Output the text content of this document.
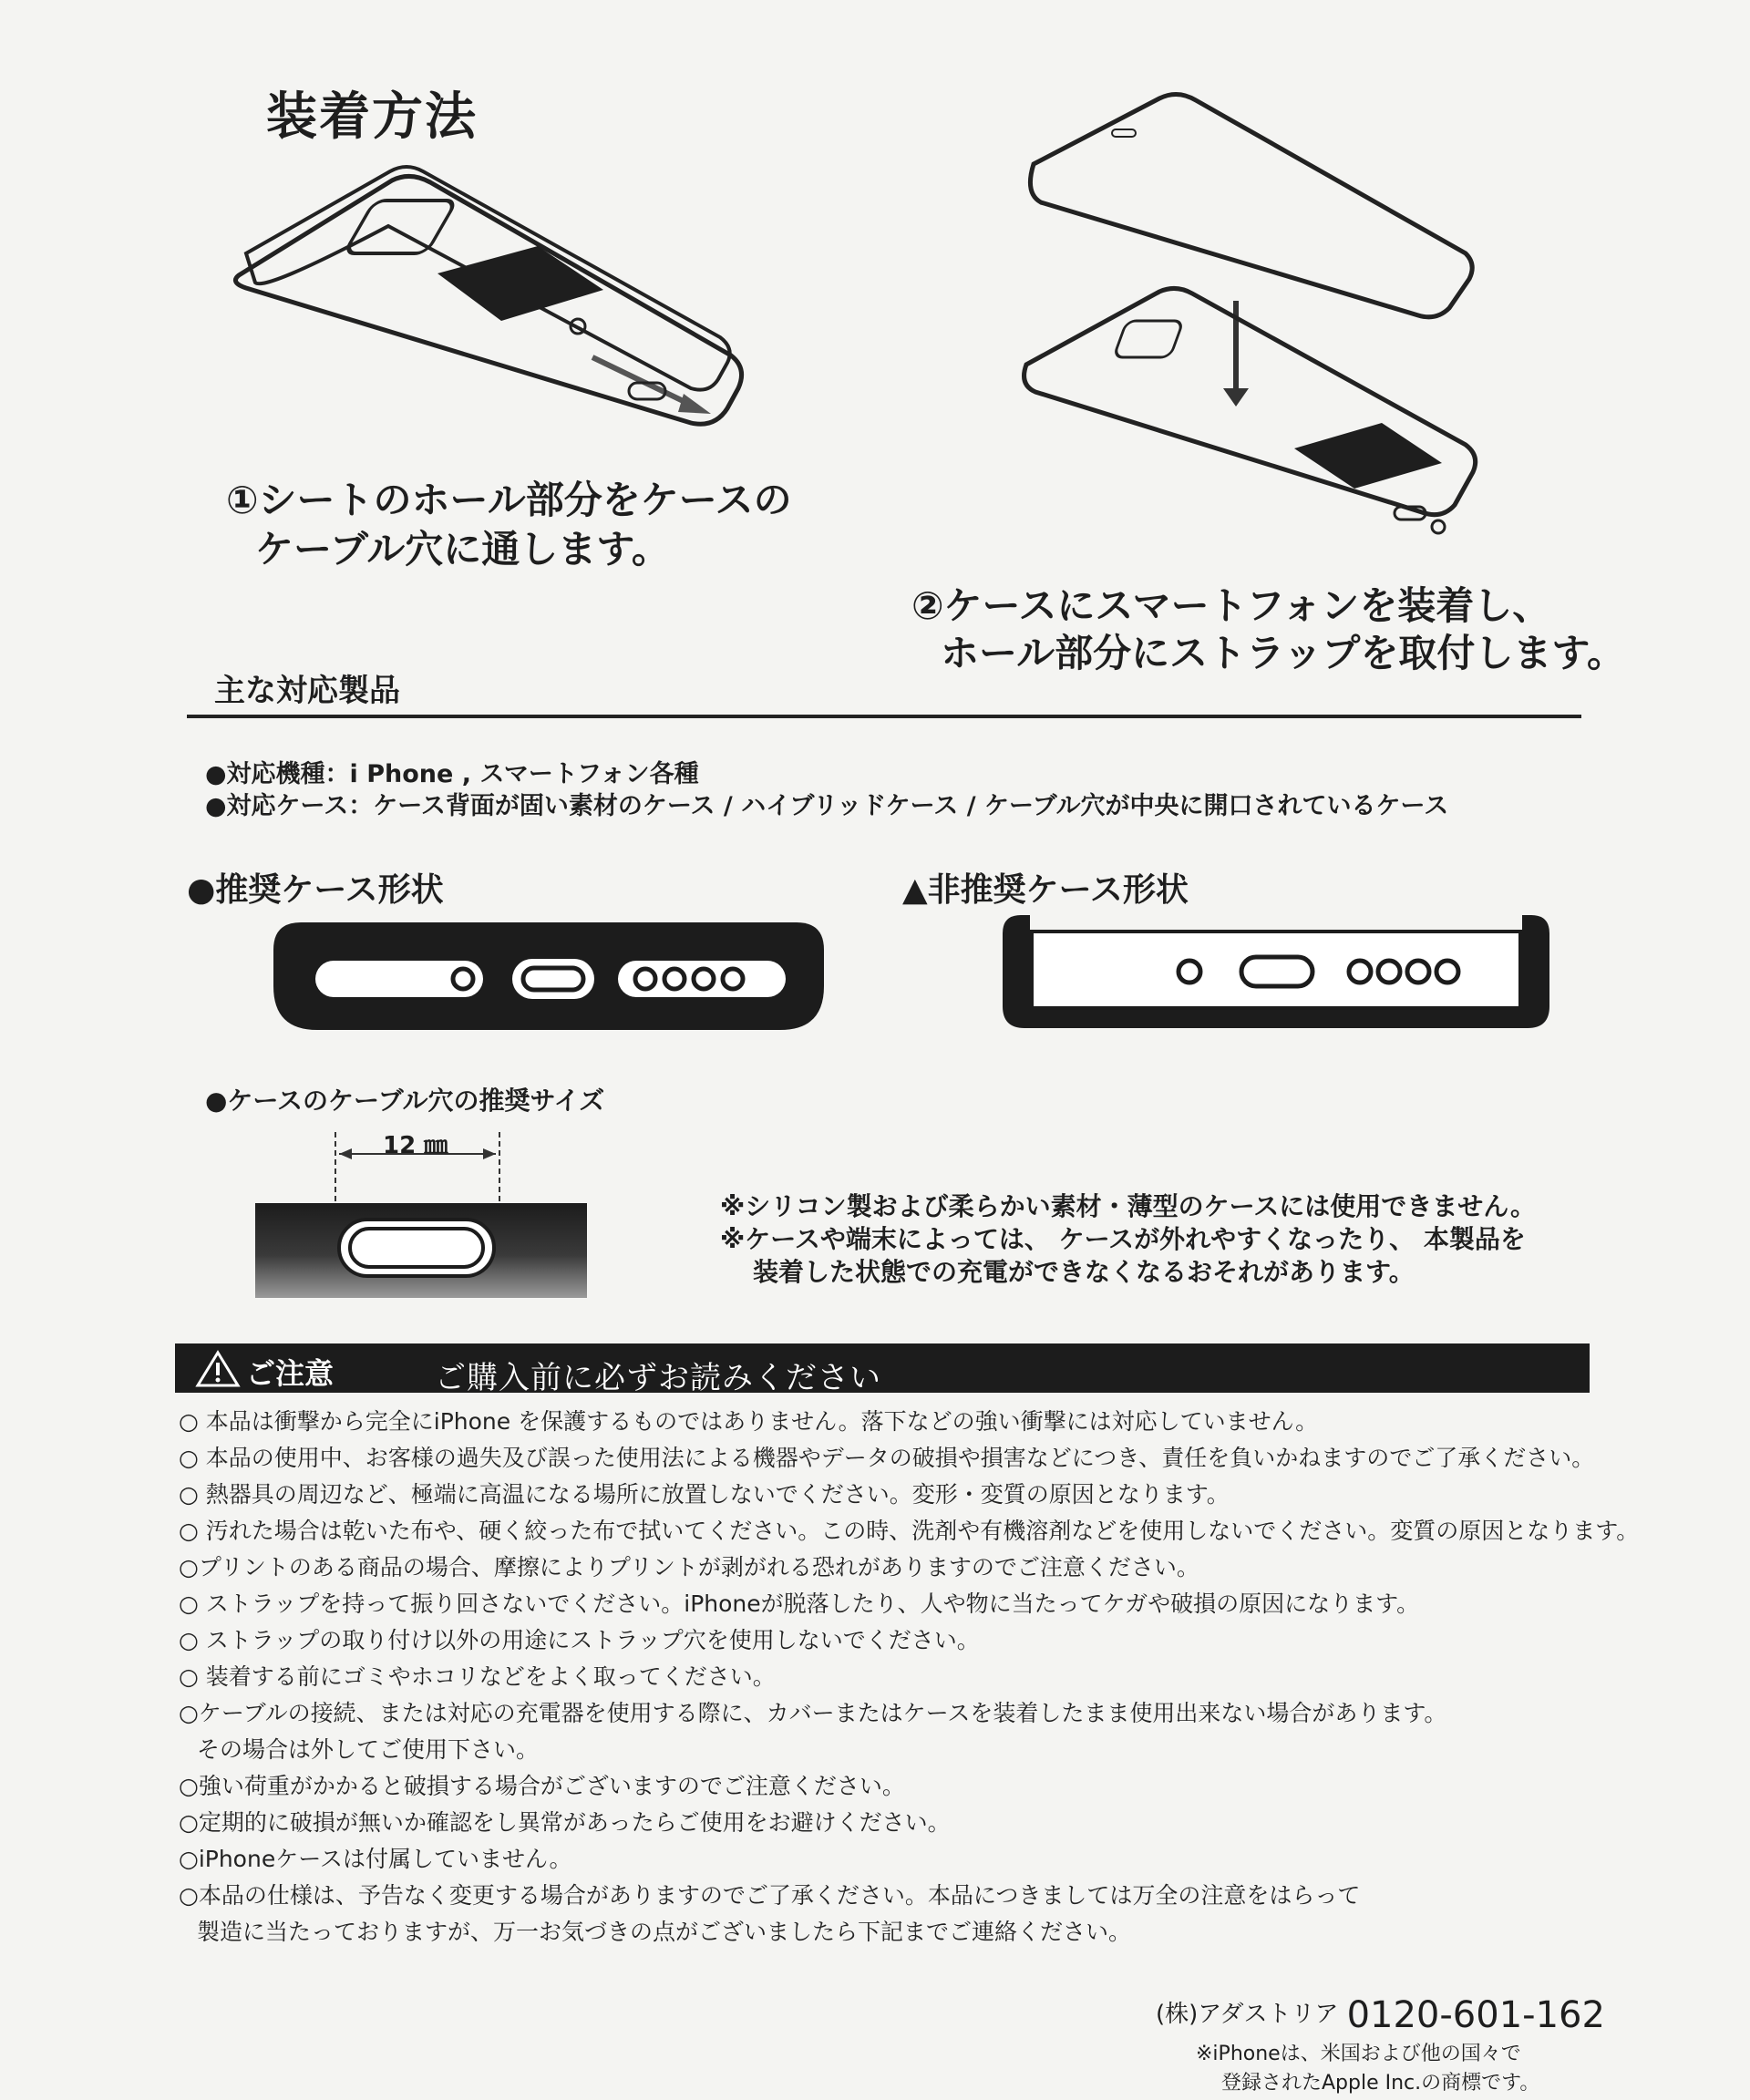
装着方法
①シートのホール部分をケースの
ケーブル穴に通します。
②ケースにスマートフォンを装着し、
ホール部分にストラップを取付します。
主な対応製品
●対応機種：i Phone , スマートフォン各種
●対応ケース：ケース背面が固い素材のケース / ハイブリッドケース / ケーブル穴が中央に開口されているケース
●推奨ケース形状	▲非推奨ケース形状
●ケースのケーブル穴の推奨サイズ
12 ㎜
※シリコン製および柔らかい素材・薄型のケースには使用できません。
※ケースや端末によっては、 ケースが外れやすくなったり、 本製品を
装着した状態での充電ができなくなるおそれがあります。
ご注意	ご購入前に必ずお読みください
○ 本品は衝撃から完全にiPhone を保護するものではありません。落下などの強い衝撃には対応していません。
○ 本品の使用中、お客様の過失及び誤った使用法による機器やデータの破損や損害などにつき、責任を負いかねますのでご了承ください。
○ 熱器具の周辺など、極端に高温になる場所に放置しないでください。変形・変質の原因となります。
○ 汚れた場合は乾いた布や、硬く絞った布で拭いてください。この時、洗剤や有機溶剤などを使用しないでください。変質の原因となります。
○プリントのある商品の場合、摩擦によりプリントが剥がれる恐れがありますのでご注意ください。
○ ストラップを持って振り回さないでください。iPhoneが脱落したり、人や物に当たってケガや破損の原因になります。
○ ストラップの取り付け以外の用途にストラップ穴を使用しないでください。
○ 装着する前にゴミやホコリなどをよく取ってください。
○ケーブルの接続、または対応の充電器を使用する際に、カバーまたはケースを装着したまま使用出来ない場合があります。
その場合は外してご使用下さい。
○強い荷重がかかると破損する場合がございますのでご注意ください。
○定期的に破損が無いか確認をし異常があったらご使用をお避けください。
○iPhoneケースは付属していません。
○本品の仕様は、予告なく変更する場合がありますのでご了承ください。本品につきましては万全の注意をはらって
製造に当たっておりますが、万一お気づきの点がございましたら下記までご連絡ください。
(株)アダストリア 0120-601-162
※iPhoneは、米国および他の国々で
登録されたApple Inc.の商標です。
